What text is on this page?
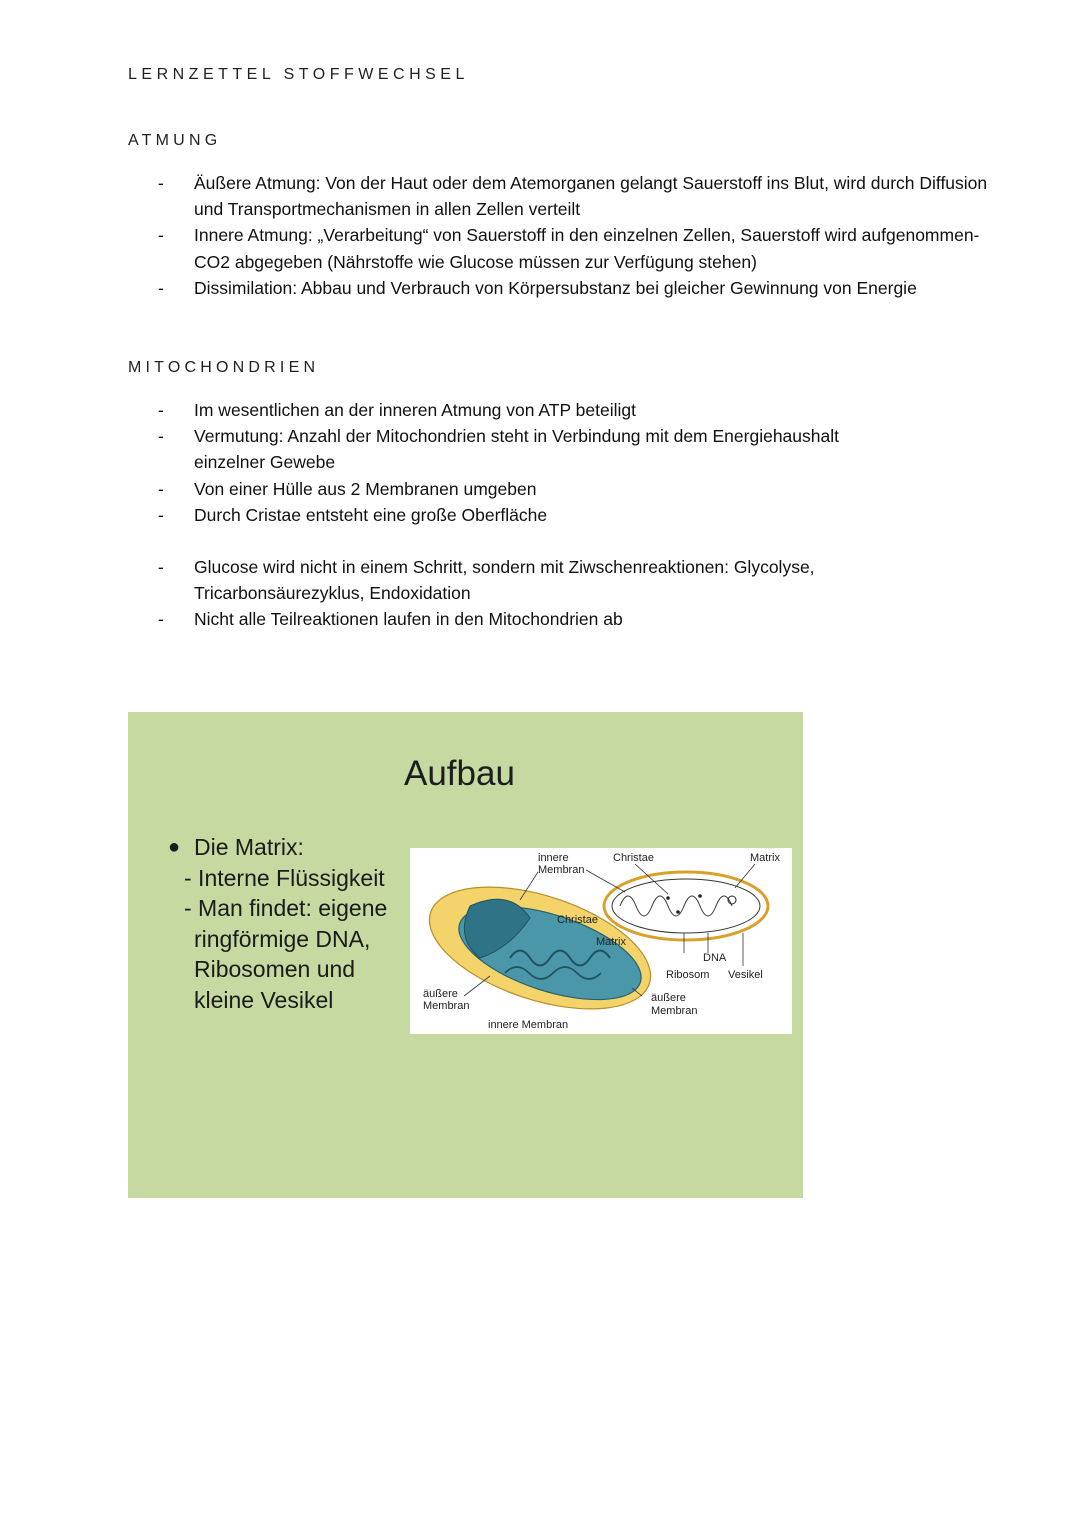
LERNZETTEL STOFFWECHSEL
ATMUNG
- Äußere Atmung: Von der Haut oder dem Atemorganen gelangt Sauerstoff ins Blut, wird durch Diffusion und Transportmechanismen in allen Zellen verteilt
- Innere Atmung: „Verarbeitung“ von Sauerstoff in den einzelnen Zellen, Sauerstoff wird aufgenommen- CO2 abgegeben (Nährstoffe wie Glucose müssen zur Verfügung stehen)
- Dissimilation: Abbau und Verbrauch von Körpersubstanz bei gleicher Gewinnung von Energie
MITOCHONDRIEN
- Im wesentlichen an der inneren Atmung von ATP beteiligt
- Vermutung: Anzahl der Mitochondrien steht in Verbindung mit dem Energiehaushalt einzelner Gewebe
- Von einer Hülle aus 2 Membranen umgeben
- Durch Cristae entsteht eine große Oberfläche
- Glucose wird nicht in einem Schritt, sondern mit Ziwschenreaktionen: Glycolyse, Tricarbonsäurezyklus, Endoxidation
- Nicht alle Teilreaktionen laufen in den Mitochondrien ab
Aufbau
● Die Matrix:
- Interne Flüssigkeit
- Man findet: eigene
ringförmige DNA,
Ribosomen und
kleine Vesikel
innere
Membran
Christae	Matrix
Christae
Matrix
DNA
Ribosom Vesikel
äußere
Membran
äußere
Membran
innere Membran
